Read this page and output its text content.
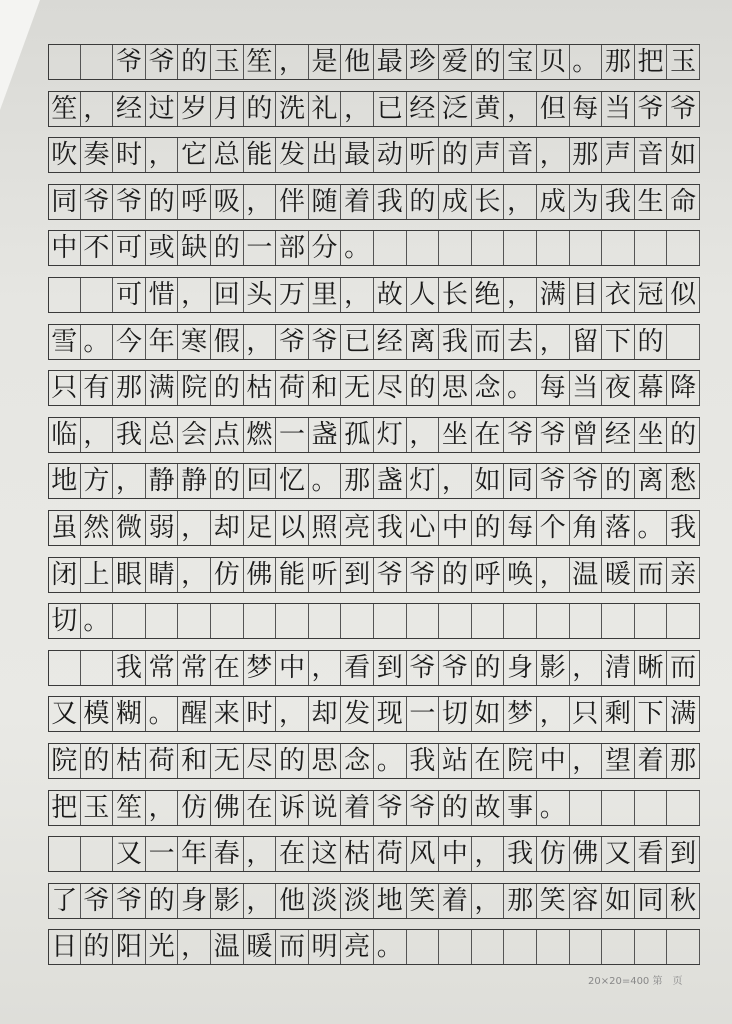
爷 爷 的 玉 笙 ， 是 他 最 珍 爱 的 宝 贝 。 那 把 玉
笙 ， 经 过 岁 月 的 洗 礼 ， 已 经 泛 黄 ， 但 每 当 爷 爷
吹 奏 时 ， 它 总 能 发 出 最 动 听 的 声 音 ， 那 声 音 如
同 爷 爷 的 呼 吸 ， 伴 随 着 我 的 成 长 ， 成 为 我 生 命
中 不 可 或 缺 的 一 部 分 。
可 惜 ， 回 头 万 里 ， 故 人 长 绝 ， 满 目 衣 冠 似
雪 。 今 年 寒 假 ， 爷 爷 已 经 离 我 而 去 ， 留 下 的
只 有 那 满 院 的 枯 荷 和 无 尽 的 思 念 。 每 当 夜 幕 降
临 ， 我 总 会 点 燃 一 盏 孤 灯 ， 坐 在 爷 爷 曾 经 坐 的
地 方 ， 静 静 的 回 忆 。 那 盏 灯 ， 如 同 爷 爷 的 离 愁
虽 然 微 弱 ， 却 足 以 照 亮 我 心 中 的 每 个 角 落 。 我
闭 上 眼 睛 ， 仿 佛 能 听 到 爷 爷 的 呼 唤 ， 温 暖 而 亲
切 。
我 常 常 在 梦 中 ， 看 到 爷 爷 的 身 影 ， 清 晰 而
又 模 糊 。 醒 来 时 ， 却 发 现 一 切 如 梦 ， 只 剩 下 满
院 的 枯 荷 和 无 尽 的 思 念 。 我 站 在 院 中 ， 望 着 那
把 玉 笙 ， 仿 佛 在 诉 说 着 爷 爷 的 故 事 。
又 一 年 春 ， 在 这 枯 荷 风 中 ， 我 仿 佛 又 看 到
了 爷 爷 的 身 影 ， 他 淡 淡 地 笑 着 ， 那 笑 容 如 同 秋
日 的 阳 光 ， 温 暖 而 明 亮 。
20×20=400 第　页
